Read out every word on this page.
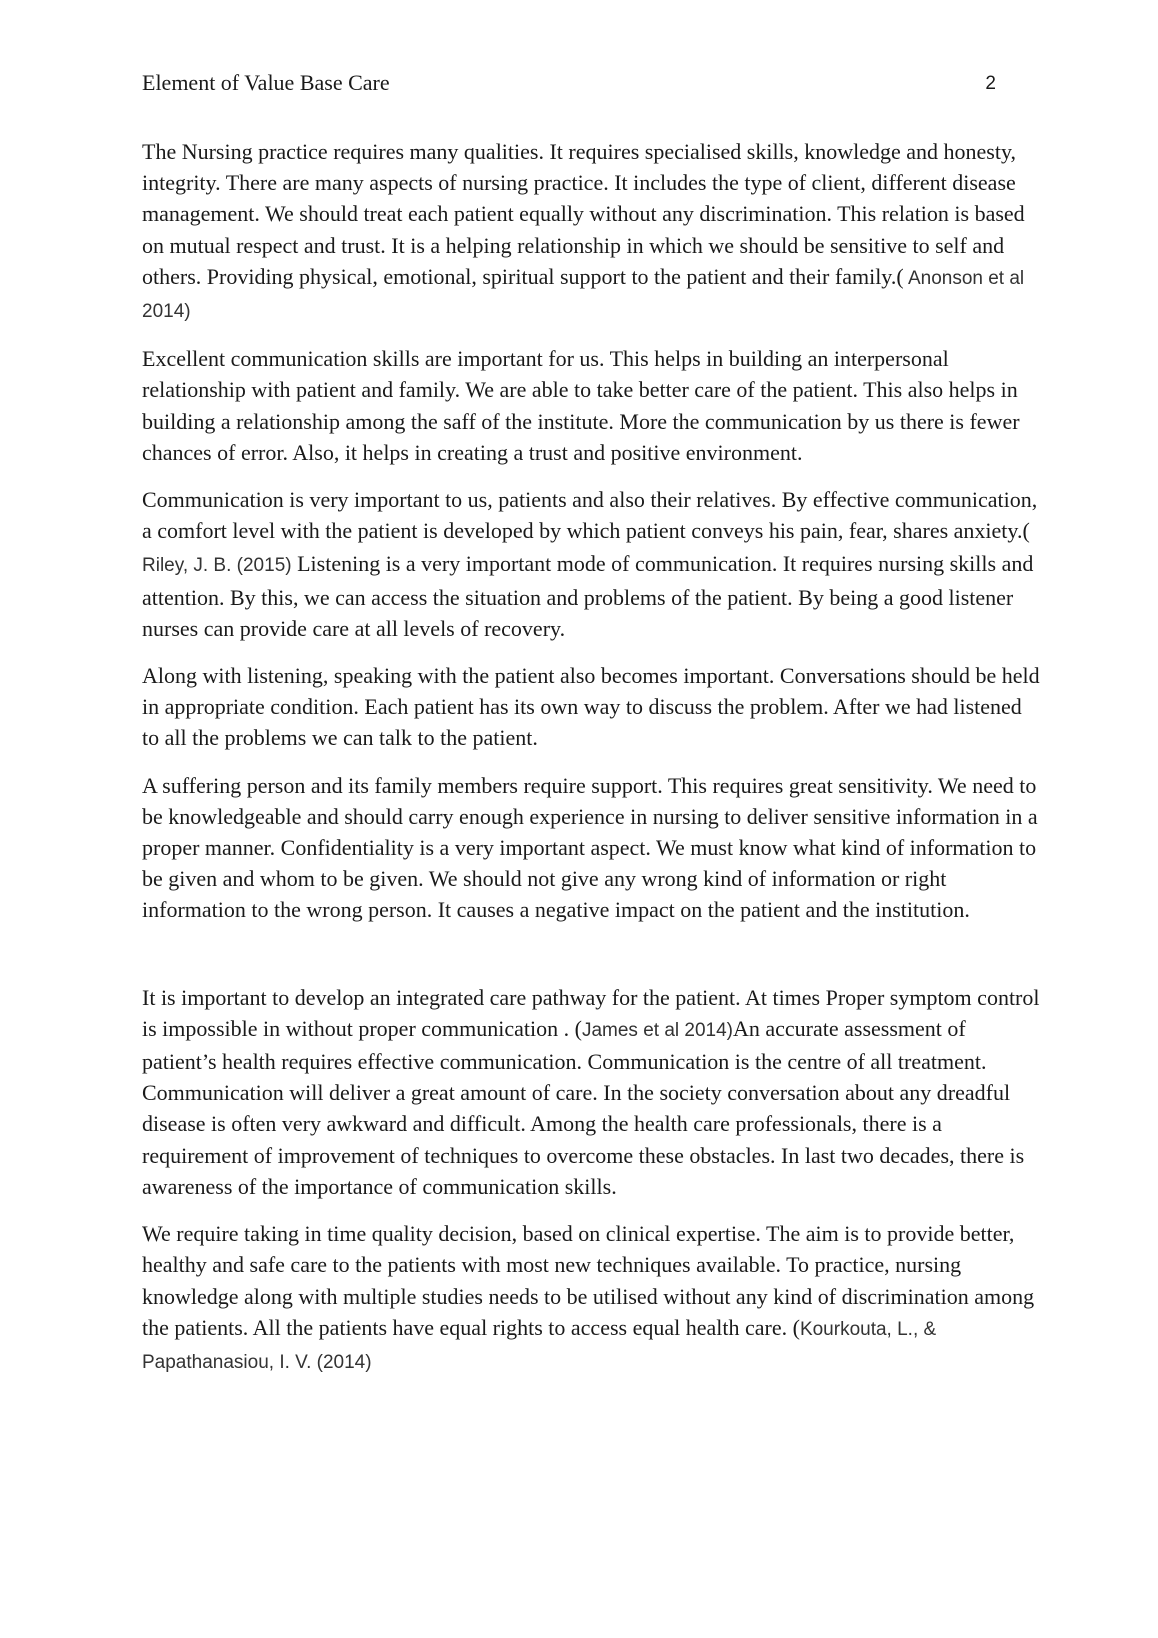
Element of Value Base Care	2

The Nursing practice requires many qualities. It requires specialised skills, knowledge and honesty, integrity. There are many aspects of nursing practice. It includes the type of client, different disease management. We should treat each patient equally without any discrimination. This relation is based on mutual respect and trust. It is a helping relationship in which we should be sensitive to self and others. Providing physical, emotional, spiritual support to the patient and their family.( Anonson et al 2014)

Excellent communication skills are important for us. This helps in building an interpersonal relationship with patient and family. We are able to take better care of the patient. This also helps in building a relationship among the saff of the institute. More the communication by us there is fewer chances of error. Also, it helps in creating a trust and positive environment.

Communication is very important to us, patients and also their relatives. By effective communication, a comfort level with the patient is developed by which patient conveys his pain, fear, shares anxiety.( Riley, J. B. (2015) Listening is a very important mode of communication. It requires nursing skills and attention. By this, we can access the situation and problems of the patient. By being a good listener nurses can provide care at all levels of recovery.

Along with listening, speaking with the patient also becomes important. Conversations should be held in appropriate condition. Each patient has its own way to discuss the problem. After we had listened to all the problems we can talk to the patient.

A suffering person and its family members require support. This requires great sensitivity. We need to be knowledgeable and should carry enough experience in nursing to deliver sensitive information in a proper manner. Confidentiality is a very important aspect. We must know what kind of information to be given and whom to be given. We should not give any wrong kind of information or right information to the wrong person. It causes a negative impact on the patient and the institution.

It is important to develop an integrated care pathway for the patient. At times Proper symptom control is impossible in without proper communication . (James et al 2014)An accurate assessment of patient’s health requires effective communication. Communication is the centre of all treatment. Communication will deliver a great amount of care. In the society conversation about any dreadful disease is often very awkward and difficult. Among the health care professionals, there is a requirement of improvement of techniques to overcome these obstacles. In last two decades, there is awareness of the importance of communication skills.

We require taking in time quality decision, based on clinical expertise. The aim is to provide better, healthy and safe care to the patients with most new techniques available. To practice, nursing knowledge along with multiple studies needs to be utilised without any kind of discrimination among the patients. All the patients have equal rights to access equal health care. (Kourkouta, L., & Papathanasiou, I. V. (2014)
